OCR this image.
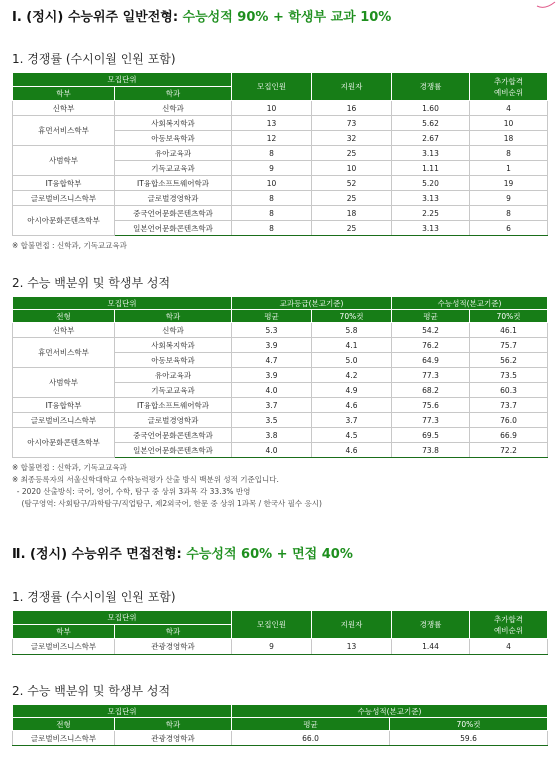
Ⅰ. (정시) 수능위주 일반전형: 수능성적 90% + 학생부 교과 10%
1. 경쟁률 (수시이월 인원 포함)
모집단위		모집인원	지원자	경쟁률	추가합격
예비순위
학부	학과				
신학부	신학과	10	16	1.60	4
휴먼서비스학부	사회복지학과	13	73	5.62	10
	아동보육학과	12	32	2.67	18
사범학부	유아교육과	8	25	3.13	8
	기독교교육과	9	10	1.11	1
IT융합학부	IT융합소프트웨어학과	10	52	5.20	19
글로벌비즈니스학부	글로벌경영학과	8	25	3.13	9
아시아문화콘텐츠학부	중국언어문화콘텐츠학과	8	18	2.25	8
	일본언어문화콘텐츠학과	8	25	3.13	6
※ 합불면접 : 신학과, 기독교교육과
2. 수능 백분위 및 학생부 성적
모집단위		교과등급(본교기준)		수능성적(본교기준)	
전형	학과	평균	70%컷	평균	70%컷
신학부	신학과	5.3	5.8	54.2	46.1
휴먼서비스학부	사회복지학과	3.9	4.1	76.2	75.7
	아동보육학과	4.7	5.0	64.9	56.2
사범학부	유아교육과	3.9	4.2	77.3	73.5
	기독교교육과	4.0	4.9	68.2	60.3
IT융합학부	IT융합소프트웨어학과	3.7	4.6	75.6	73.7
글로벌비즈니스학부	글로벌경영학과	3.5	3.7	77.3	76.0
아시아문화콘텐츠학부	중국언어문화콘텐츠학과	3.8	4.5	69.5	66.9
	일본언어문화콘텐츠학과	4.0	4.6	73.8	72.2
※ 합불면접 : 신학과, 기독교교육과
※ 최종등록자의 서울신학대학교 수학능력평가 산출 방식 백분위 성적 기준입니다.
- 2020 산출방식: 국어, 영어, 수학, 탐구 중 상위 3과목 각 33.3% 반영
(탐구영역: 사회탐구/과학탐구/직업탐구, 제2외국어, 한문 중 상위 1과목 / 한국사 필수 응시)
Ⅱ. (정시) 수능위주 면접전형: 수능성적 60% + 면접 40%
1. 경쟁률 (수시이월 인원 포함)
모집단위		모집인원	지원자	경쟁률	추가합격
예비순위
학부	학과				
글로벌비즈니스학부	관광경영학과	9	13	1.44	4
2. 수능 백분위 및 학생부 성적
모집단위		수능성적(본교기준)	
전형	학과	평균	70%컷
글로벌비즈니스학부	관광경영학과	66.0	59.6
